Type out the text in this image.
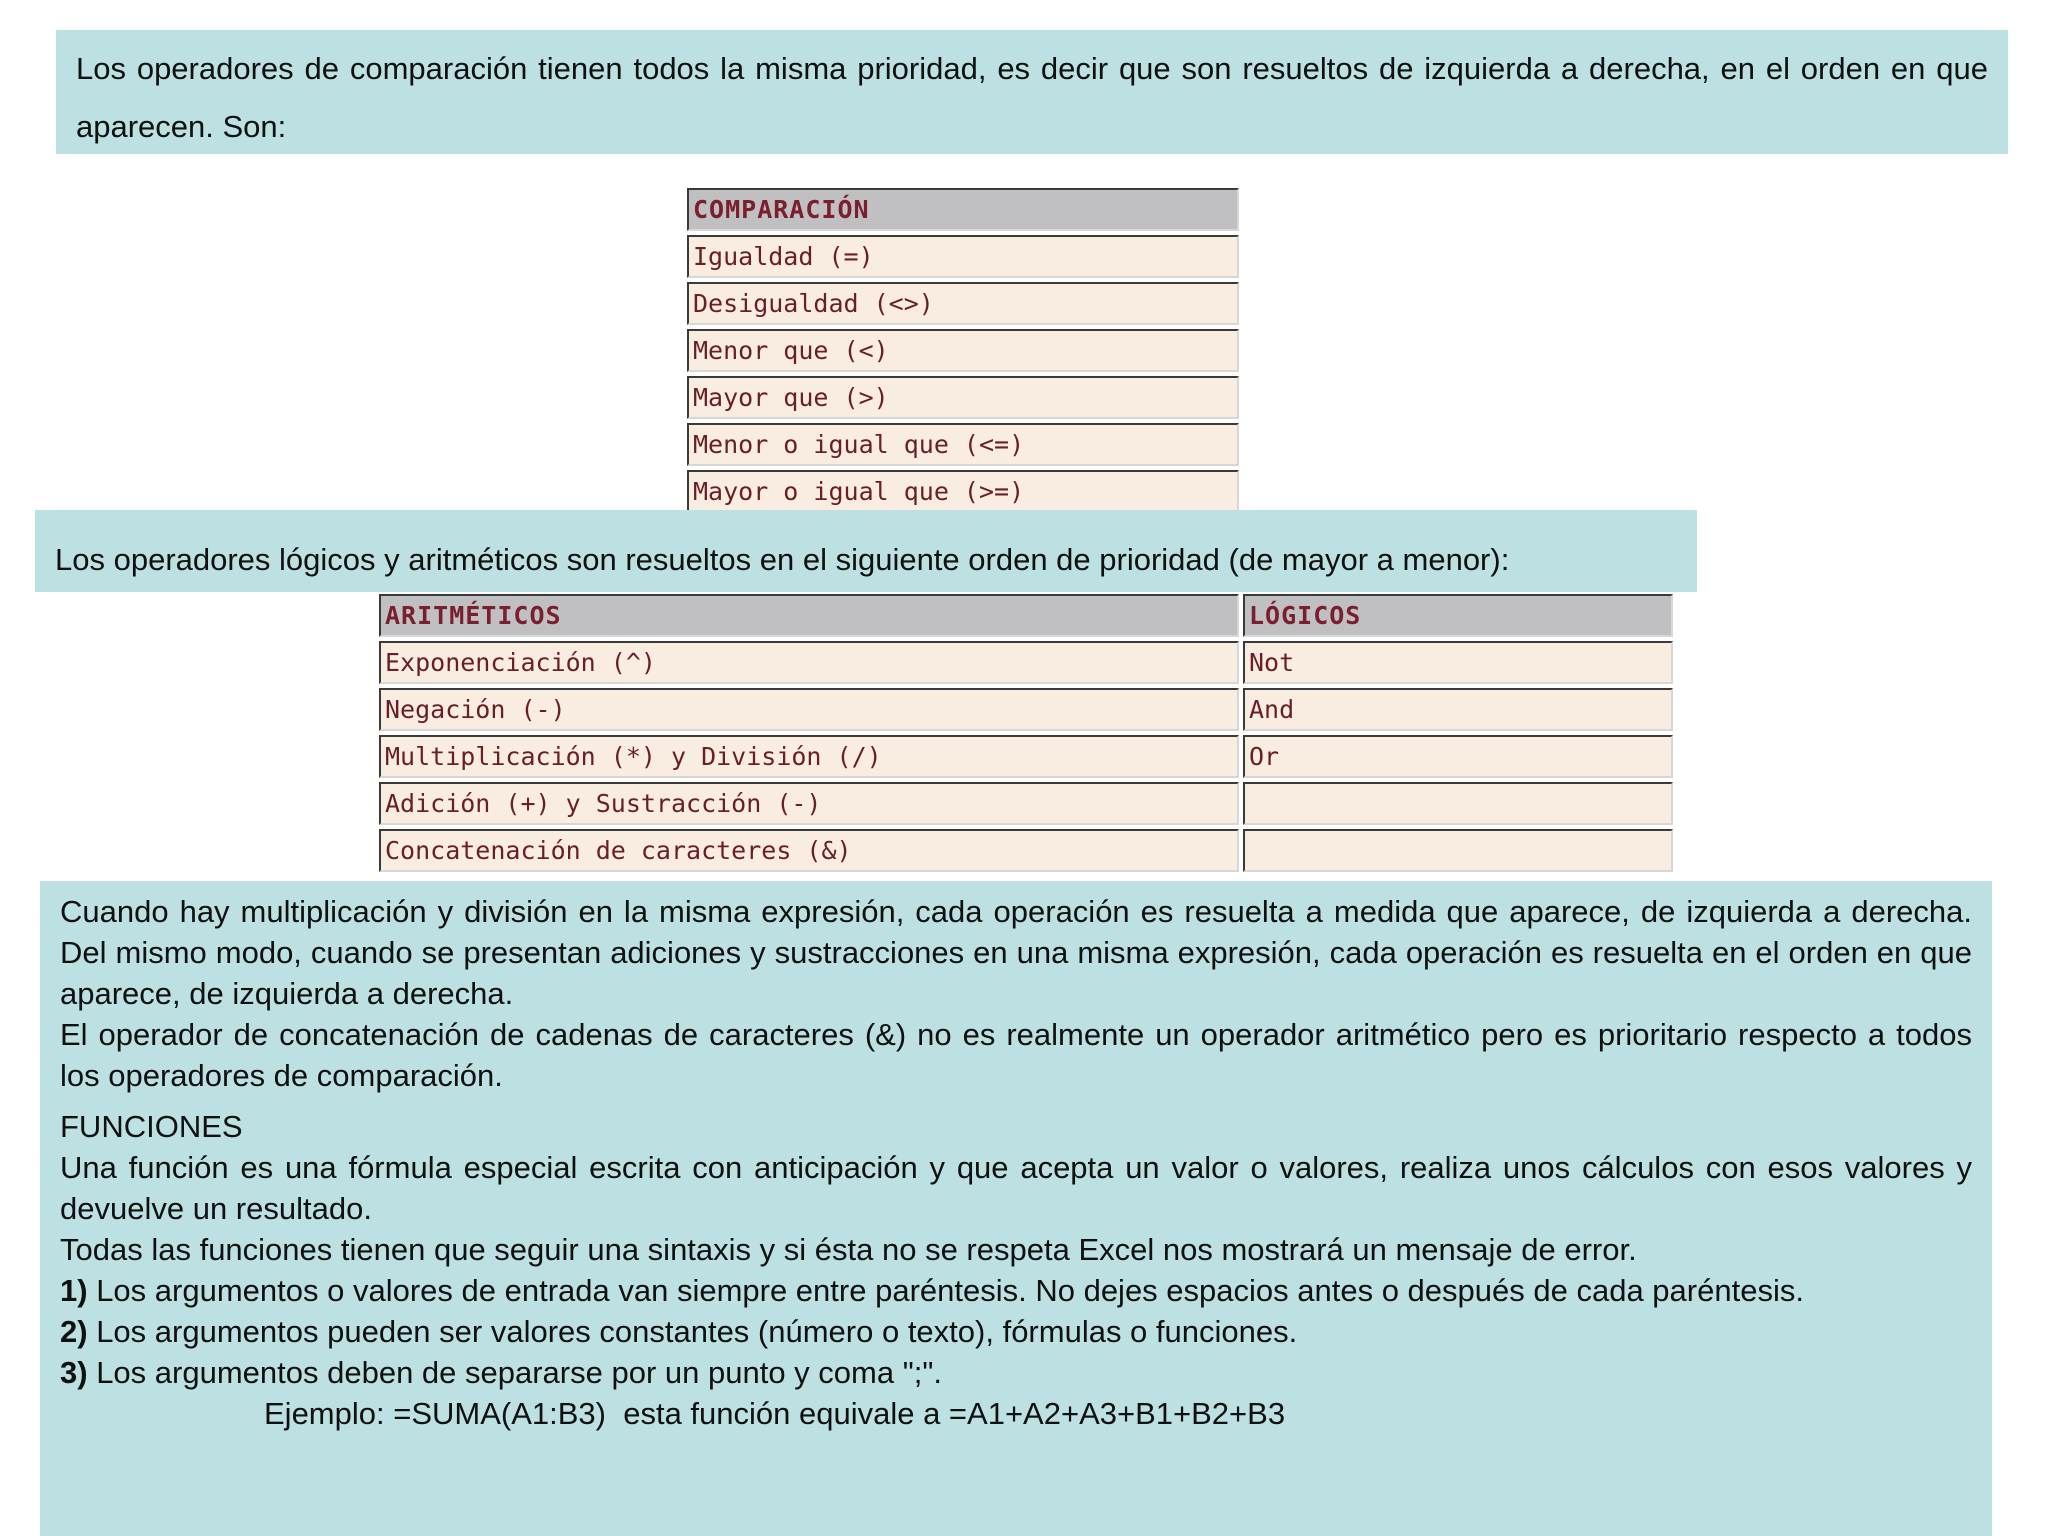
Los operadores de comparación tienen todos la misma prioridad, es decir que son resueltos de izquierda a derecha, en el orden en que aparecen. Son:

COMPARACIÓN
Igualdad (=)
Desigualdad (<>)
Menor que (<)
Mayor que (>)
Menor o igual que (<=)
Mayor o igual que (>=)

Los operadores lógicos y aritméticos son resueltos en el siguiente orden de prioridad (de mayor a menor):

ARITMÉTICOS	LÓGICOS
Exponenciación (^)	Not
Negación (-)	And
Multiplicación (*) y División (/)	Or
Adición (+) y Sustracción (-)	
Concatenación de caracteres (&)	

Cuando hay multiplicación y división en la misma expresión, cada operación es resuelta a medida que aparece, de izquierda a derecha. Del mismo modo, cuando se presentan adiciones y sustracciones en una misma expresión, cada operación es resuelta en el orden en que aparece, de izquierda a derecha.

El operador de concatenación de cadenas de caracteres (&) no es realmente un operador aritmético pero es prioritario respecto a todos los operadores de comparación.

FUNCIONES

Una función es una fórmula especial escrita con anticipación y que acepta un valor o valores, realiza unos cálculos con esos valores y devuelve un resultado.

Todas las funciones tienen que seguir una sintaxis y si ésta no se respeta Excel nos mostrará un mensaje de error.

1) Los argumentos o valores de entrada van siempre entre paréntesis. No dejes espacios antes o después de cada paréntesis.

2) Los argumentos pueden ser valores constantes (número o texto), fórmulas o funciones.

3) Los argumentos deben de separarse por un punto y coma ";".

Ejemplo: =SUMA(A1:B3)  esta función equivale a =A1+A2+A3+B1+B2+B3
